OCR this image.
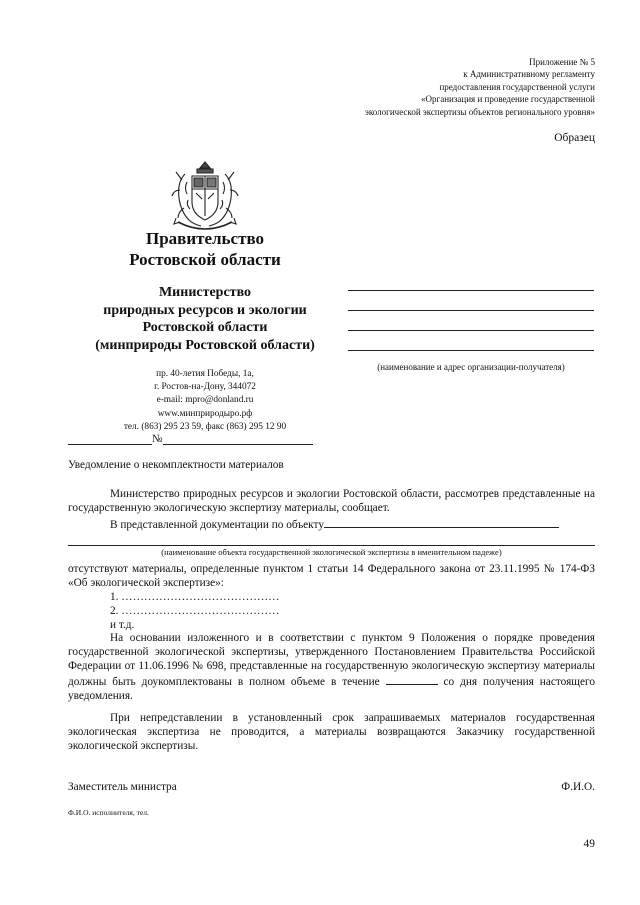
Приложение № 5
к Административному регламенту
предоставления государственной услуги
«Организация и проведение государственной
экологической экспертизы объектов регионального уровня»
Образец
Правительство
Ростовской области
Министерство
природных ресурсов и экологии
Ростовской области
(минприроды Ростовской области)
пр. 40-летия Победы, 1а,
г. Ростов-на-Дону, 344072
e-mail: mpro@donland.ru
www.минприродыро.рф
тел. (863) 295 23 59, факс (863) 295 12 90
(наименование и адрес организации-получателя)
№
Уведомление о некомплектности материалов

Министерство природных ресурсов и экологии Ростовской области, рассмотрев представленные на государственную экологическую экспертизу материалы, сообщает.

В представленной документации по объекту
(наименование объекта государственной экологической экспертизы в именительном падеже)

отсутствуют материалы, определенные пунктом 1 статьи 14 Федерального закона от 23.11.1995 № 174-ФЗ «Об экологической экспертизе»:

1. ……………………………………
2. ……………………………………
и т.д.

На основании изложенного и в соответствии с пунктом 9 Положения о порядке проведения государственной экологической экспертизы, утвержденного Постановлением Правительства Российской Федерации от 11.06.1996 № 698, представленные на государственную экологическую экспертизу материалы должны быть доукомплектованы в полном объеме в течение	со дня получения настоящего уведомления.

При непредставлении в установленный срок запрашиваемых материалов государственная экологическая экспертиза не проводится, а материалы возвращаются Заказчику государственной экологической экспертизы.

Заместитель министра	Ф.И.О.
Ф.И.О. исполнителя, тел.
49
